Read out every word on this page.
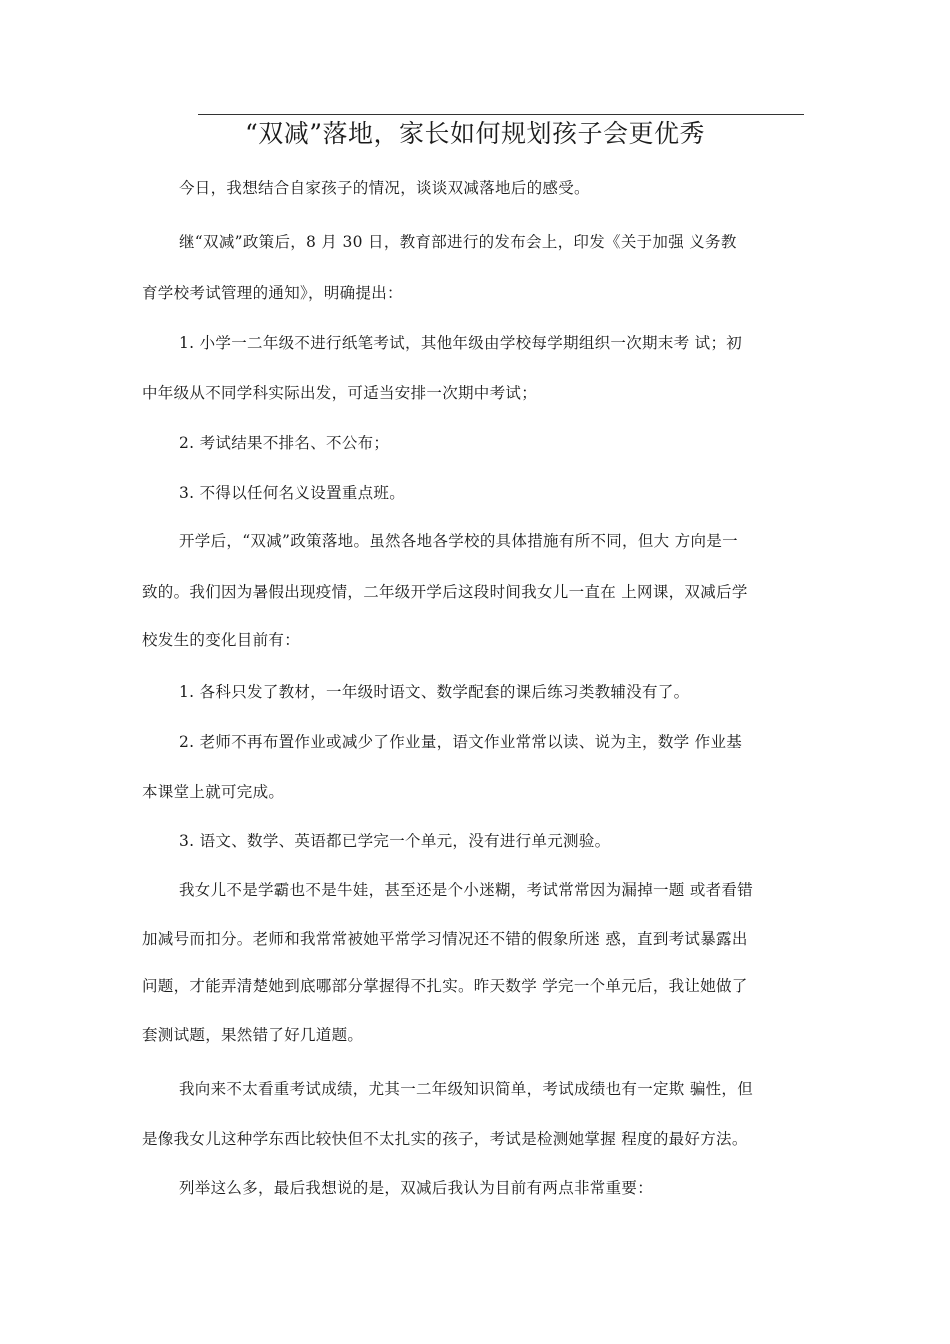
“双减”落地，家长如何规划孩子会更优秀
今日，我想结合自家孩子的情况，谈谈双减落地后的感受。
继“双减”政策后，8 月 30 日，教育部进行的发布会上，印发《关于加强 义务教
育学校考试管理的通知》，明确提出：
1. 小学一二年级不进行纸笔考试，其他年级由学校每学期组织一次期末考 试；初
中年级从不同学科实际出发，可适当安排一次期中考试；
2. 考试结果不排名、不公布；
3. 不得以任何名义设置重点班。
开学后，“双减”政策落地。虽然各地各学校的具体措施有所不同，但大 方向是一
致的。我们因为暑假出现疫情，二年级开学后这段时间我女儿一直在 上网课，双减后学
校发生的变化目前有：
1. 各科只发了教材，一年级时语文、数学配套的课后练习类教辅没有了。
2. 老师不再布置作业或减少了作业量，语文作业常常以读、说为主，数学 作业基
本课堂上就可完成。
3. 语文、数学、英语都已学完一个单元，没有进行单元测验。
我女儿不是学霸也不是牛娃，甚至还是个小迷糊，考试常常因为漏掉一题 或者看错
加减号而扣分。老师和我常常被她平常学习情况还不错的假象所迷 惑，直到考试暴露出
问题，才能弄清楚她到底哪部分掌握得不扎实。昨天数学 学完一个单元后，我让她做了
套测试题，果然错了好几道题。
我向来不太看重考试成绩，尤其一二年级知识简单，考试成绩也有一定欺 骗性，但
是像我女儿这种学东西比较快但不太扎实的孩子，考试是检测她掌握 程度的最好方法。
列举这么多，最后我想说的是，双减后我认为目前有两点非常重要：
